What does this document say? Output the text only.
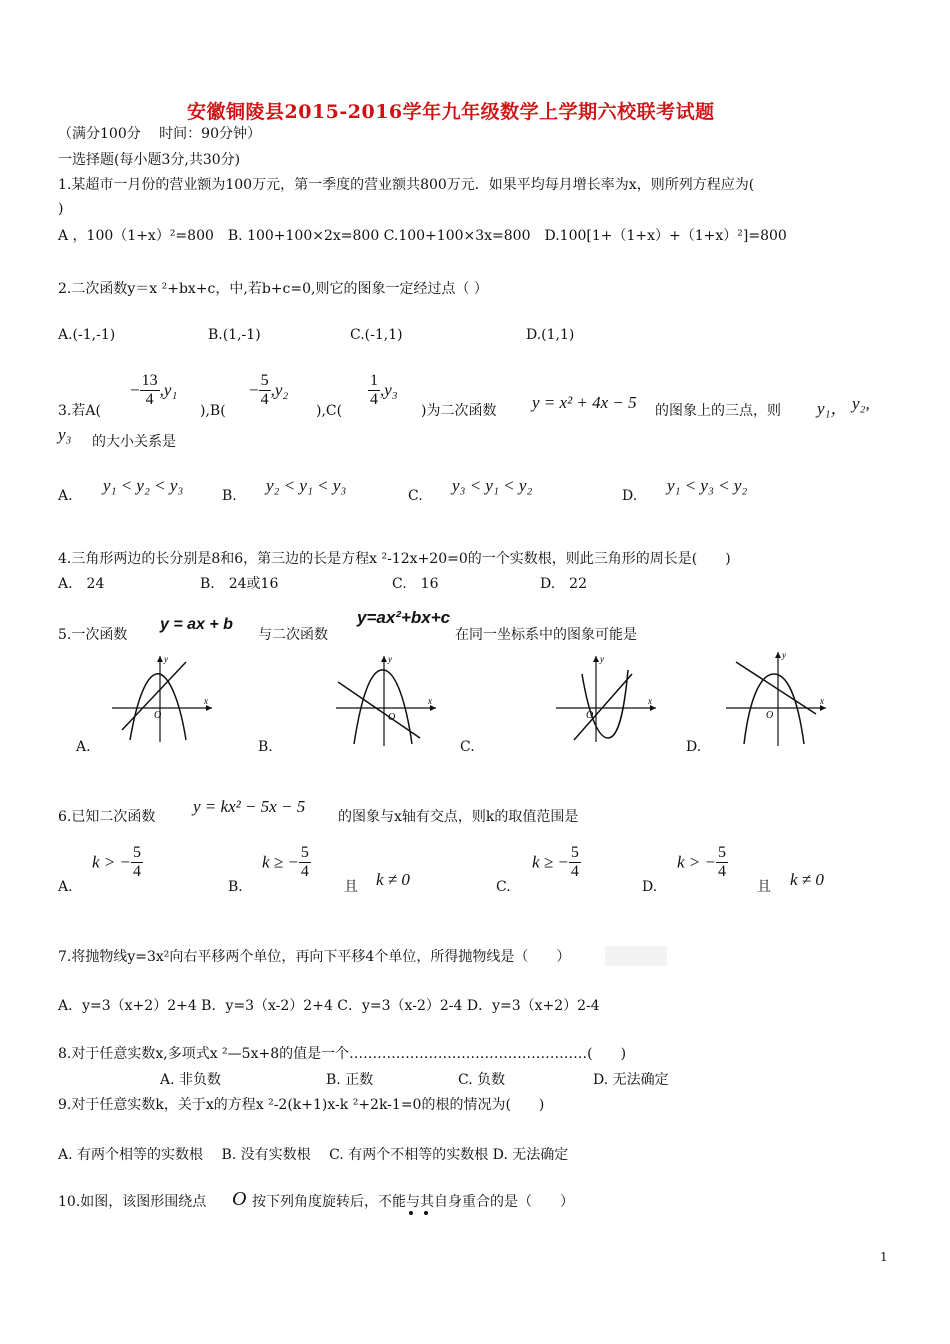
安徽铜陵县2015-2016学年九年级数学上学期六校联考试题
（满分100分　 时间：90分钟）
一选择题(每小题3分,共30分)
1.某超市一月份的营业额为100万元，第一季度的营业额共800万元．如果平均每月增长率为x，则所列方程应为(
)
A ，100（1+x）²=800　B. 100+100×2x=800 C.100+100×3x=800　D.100[1+（1+x）+（1+x）²]=800
2.二次函数y＝x ²+bx+c，中,若b+c=0,则它的图象一定经过点（ ）
A.(-1,-1)	B.(1,-1)	C.(-1,1)	D.(1,1)
3.若A(
− $\frac{13}{4} ,y_1$
),B(
− $\frac{5}{4} ,y_2$
),C(
$\frac{1}{4} ,y_3$
)为二次函数 y = x² + 4x − 5 的图象上的三点，则 y₁， y₂,
y₃ 的大小关系是
A.
y₁ < y₂ < y₃
B.
y₂ < y₁ < y₃
C.
y₃ < y₁ < y₂
D.
y₁ < y₃ < y₂
4.三角形两边的长分别是8和6，第三边的长是方程x ²-12x+20=0的一个实数根，则此三角形的周长是(　　)
A.　24	B.　24或16	C.　16	D.　22
5.一次函数
y = ax + b
与二次函数
y=ax²+bx+c
在同一坐标系中的图象可能是
x
y
O
x
y
O
x
y
O
x
y
O
A.	B.	C.	D.
6.已知二次函数
y = kx² − 5x − 5
的图象与x轴有交点，则k的取值范围是
A.
k > − $\frac{5}{4}$
B.
k ≥ − $\frac{5}{4}$
且 k ≠ 0	C.
k ≥ − $\frac{5}{4}$
D.
k > − $\frac{5}{4}$
且 k ≠ 0
7.将抛物线y=3x²向右平移两个单位，再向下平移4个单位，所得抛物线是（　　）
A．y=3（x+2）2+4 B．y=3（x-2）2+4 C．y=3（x-2）2-4 D．y=3（x+2）2-4
8.对于任意实数x,多项式x ²—5x+8的值是一个……………………………………………(　　)
A. 非负数	B. 正数	C. 负数	D. 无法确定
9.对于任意实数k，关于x的方程x ²-2(k+1)x-k ²+2k-1=0的根的情况为(　　)
A. 有两个相等的实数根　 B. 没有实数根　 C. 有两个不相等的实数根 D. 无法确定
10.如图，该图形围绕点 O 按下列角度旋转后，不能与其自身重合的是（　　）
1
